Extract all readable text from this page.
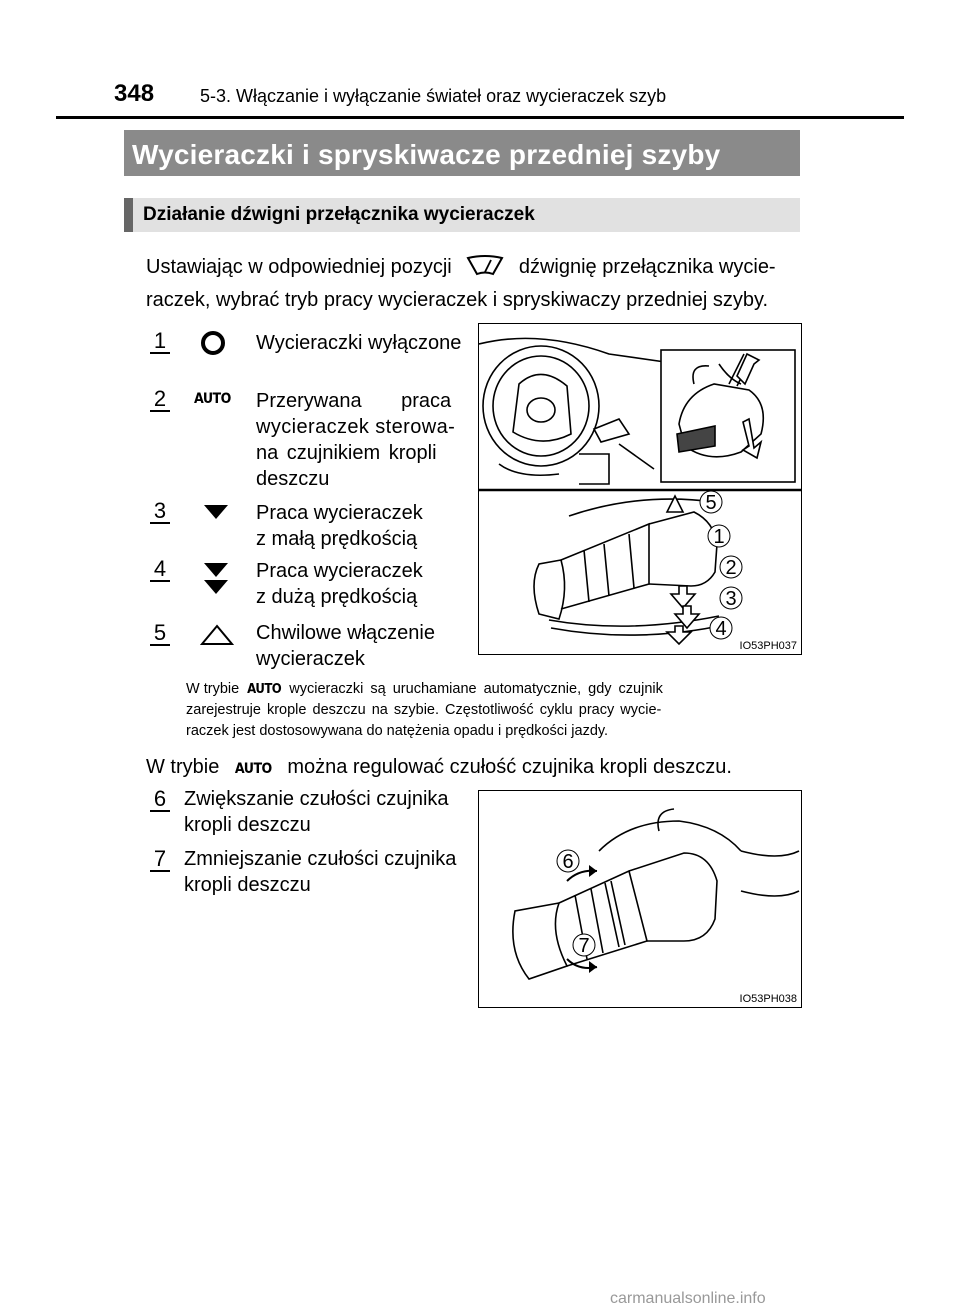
348	5-3. Włączanie i wyłączanie świateł oraz wycieraczek szyb
Wycieraczki i spryskiwacze przedniej szyby
Działanie dźwigni przełącznika wycieraczek
Ustawiając w odpowiedniej pozycji	dźwignię przełącznika wycie-
raczek, wybrać tryb pracy wycieraczek i spryskiwaczy przedniej szyby.
1	Wycieraczki wyłączone
2 AUTO Przerywana praca
wycieraczek sterowa-
na czujnikiem kropli
deszczu
3	Praca wycieraczek
z małą prędkością
4	Praca wycieraczek
z dużą prędkością
5	Chwilowe włączenie
wycieraczek
5
1
2
3
4
IO53PH037
W trybie AUTO wycieraczki są uruchamiane automatycznie, gdy czujnik
zarejestruje krople deszczu na szybie. Częstotliwość cyklu pracy wycie-
raczek jest dostosowywana do natężenia opadu i prędkości jazdy.
W trybie AUTO można regulować czułość czujnika kropli deszczu.
6 Zwiększanie czułości czujnika
kropli deszczu
7 Zmniejszanie czułości czujnika
kropli deszczu
6
7
IO53PH038
carmanualsonline.info
